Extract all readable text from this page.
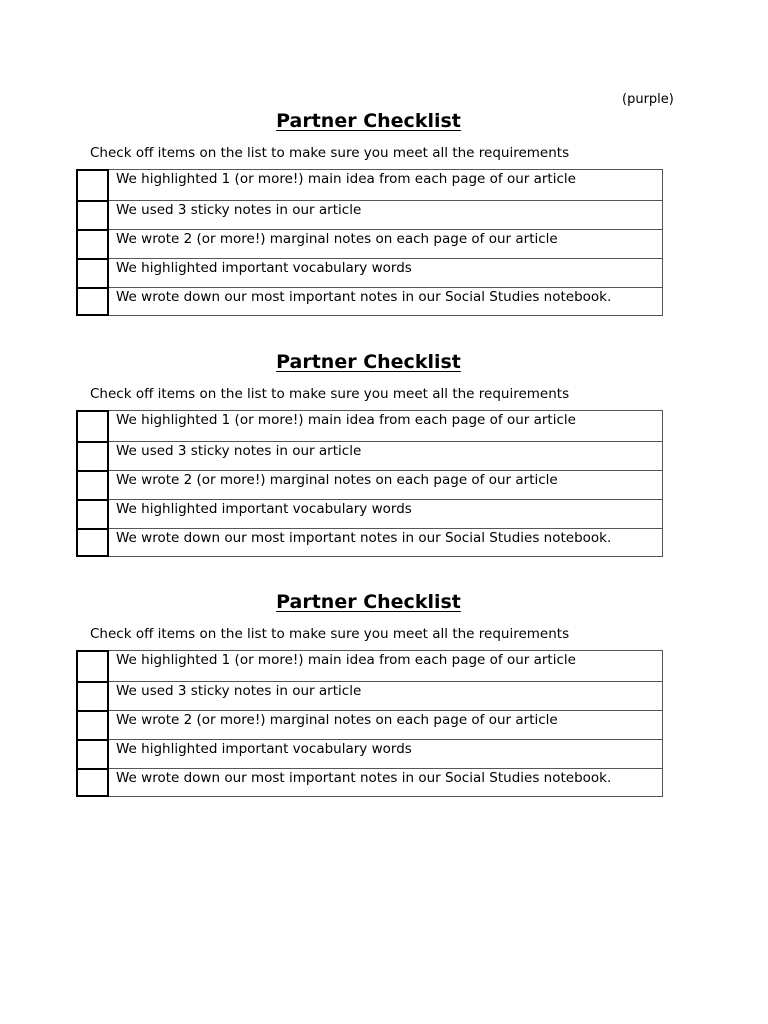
(purple)
Partner Checklist
Check off items on the list to make sure you meet all the requirements
We highlighted 1 (or more!) main idea from each page of our article
We used 3 sticky notes in our article
We wrote 2 (or more!) marginal notes on each page of our article
We highlighted important vocabulary words
We wrote down our most important notes in our Social Studies notebook.
Partner Checklist
Check off items on the list to make sure you meet all the requirements
We highlighted 1 (or more!) main idea from each page of our article
We used 3 sticky notes in our article
We wrote 2 (or more!) marginal notes on each page of our article
We highlighted important vocabulary words
We wrote down our most important notes in our Social Studies notebook.
Partner Checklist
Check off items on the list to make sure you meet all the requirements
We highlighted 1 (or more!) main idea from each page of our article
We used 3 sticky notes in our article
We wrote 2 (or more!) marginal notes on each page of our article
We highlighted important vocabulary words
We wrote down our most important notes in our Social Studies notebook.
